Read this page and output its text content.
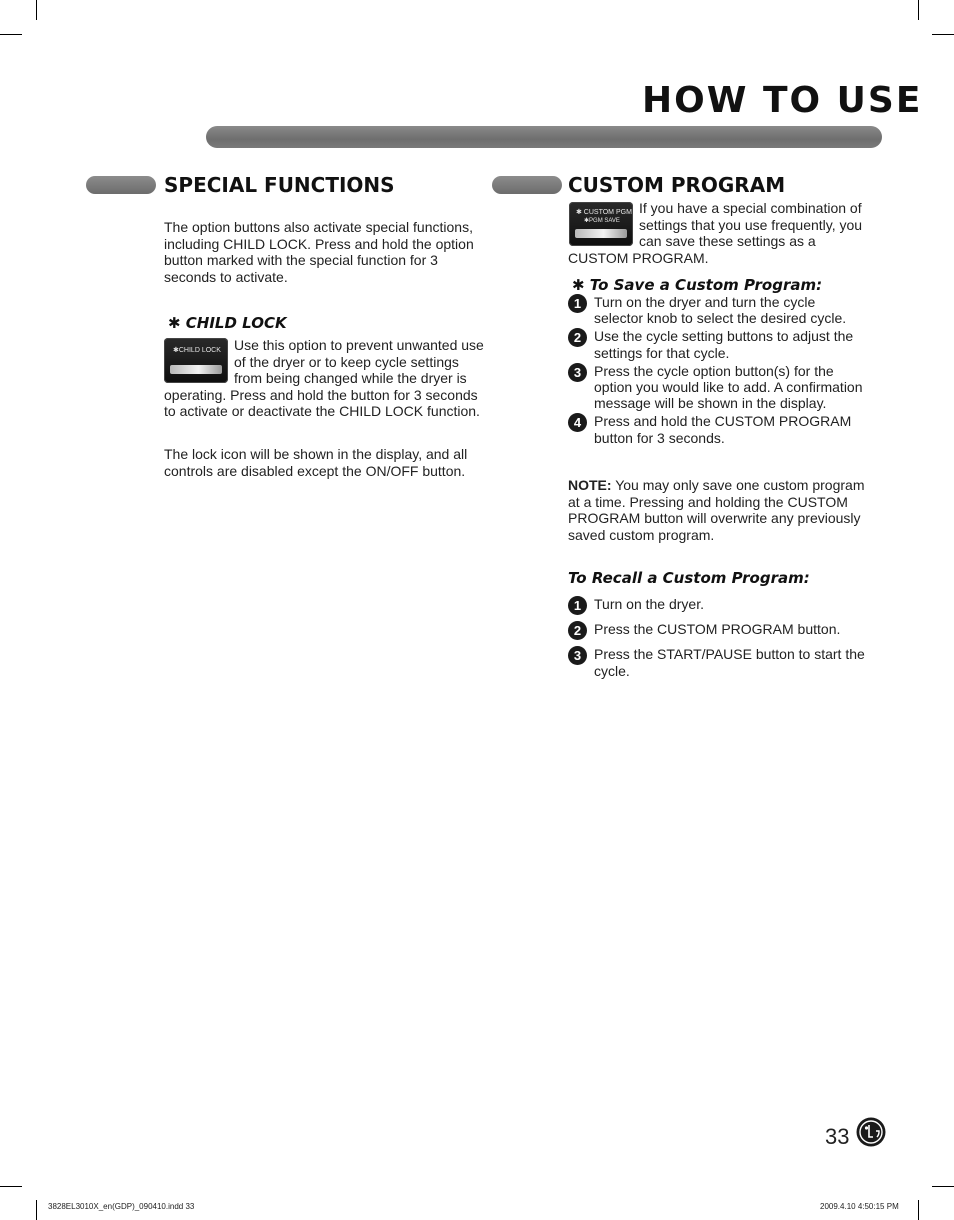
HOW TO USE
SPECIAL FUNCTIONS

The option buttons also activate special functions, including CHILD LOCK. Press and hold the option button marked with the special function for 3 seconds to activate.

✱ CHILD LOCK
✱CHILD LOCK Use this option to prevent unwanted use of the dryer or to keep cycle settings from being changed while the dryer is operating. Press and hold the button for 3 seconds to activate or deactivate the CHILD LOCK function.

The lock icon will be shown in the display, and all controls are disabled except the ON/OFF button.

CUSTOM PROGRAM
✱ CUSTOM PGM
✱PGM SAVE
If you have a special combination of settings that you use frequently, you can save these settings as a CUSTOM PROGRAM.
✱ To Save a Custom Program:
1 Turn on the dryer and turn the cycle selector knob to select the desired cycle.
2 Use the cycle setting buttons to adjust the settings for that cycle.
3 Press the cycle option button(s) for the option you would like to add. A confirmation message will be shown in the display.
4 Press and hold the CUSTOM PROGRAM button for 3 seconds.

NOTE: You may only save one custom program at a time. Pressing and holding the CUSTOM PROGRAM button will overwrite any previously saved custom program.

To Recall a Custom Program:
1 Turn on the dryer.
2 Press the CUSTOM PROGRAM button.
3 Press the START/PAUSE button to start the cycle.
33
3828EL3010X_en(GDP)_090410.indd 33	2009.4.10 4:50:15 PM
